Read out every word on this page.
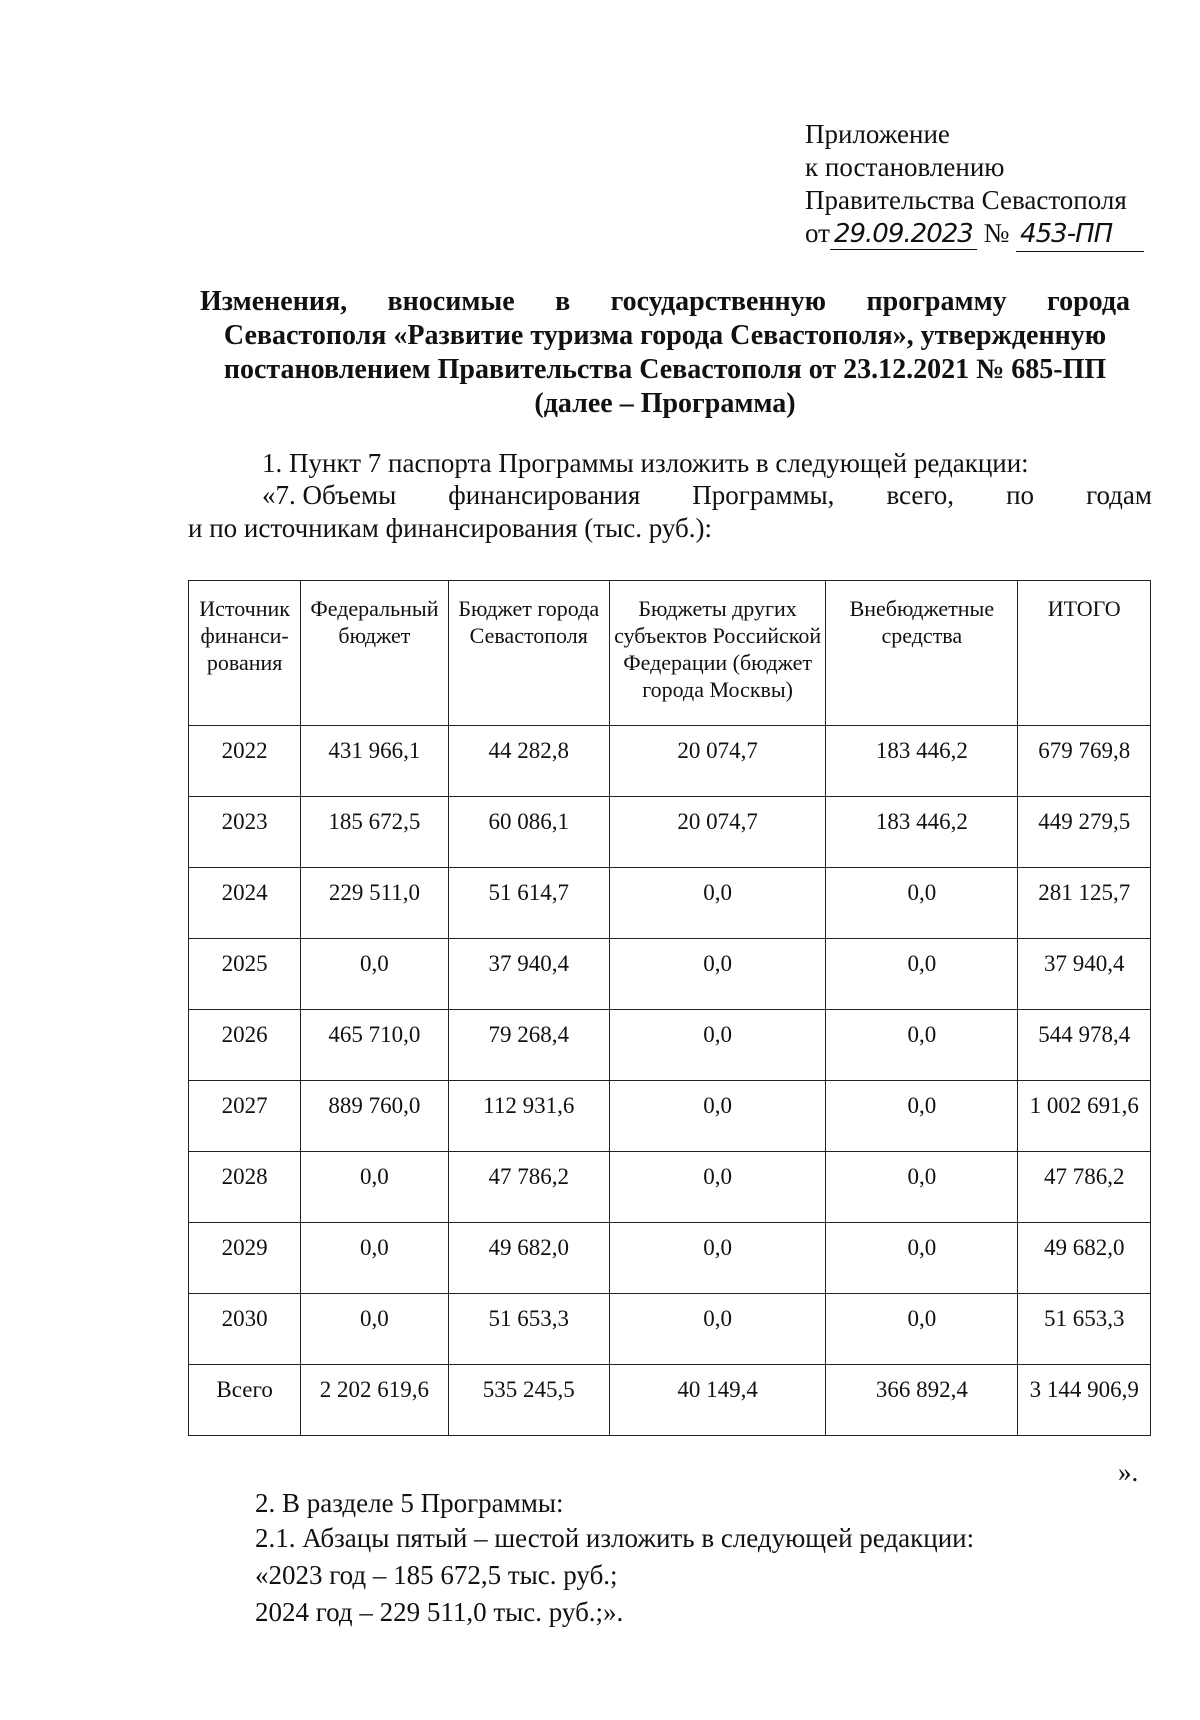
Приложение
к постановлению
Правительства Севастополя
от 29.09.2023 № 453-ПП
Изменения, вносимые в государственную программу города
Севастополя «Развитие туризма города Севастополя», утвержденную
постановлением Правительства Севастополя от 23.12.2021 № 685-ПП
(далее – Программа)
1. Пункт 7 паспорта Программы изложить в следующей редакции:
«7. Объемы финансирования Программы, всего, по годам
и по источникам финансирования (тыс. руб.):
Источник финанси-рования	Федеральный бюджет	Бюджет города Севастополя	Бюджеты других субъектов Российской Федерации (бюджет города Москвы)	Внебюджетные средства	ИТОГО
2022	431 966,1	44 282,8	20 074,7	183 446,2	679 769,8
2023	185 672,5	60 086,1	20 074,7	183 446,2	449 279,5
2024	229 511,0	51 614,7	0,0	0,0	281 125,7
2025	0,0	37 940,4	0,0	0,0	37 940,4
2026	465 710,0	79 268,4	0,0	0,0	544 978,4
2027	889 760,0	112 931,6	0,0	0,0	1 002 691,6
2028	0,0	47 786,2	0,0	0,0	47 786,2
2029	0,0	49 682,0	0,0	0,0	49 682,0
2030	0,0	51 653,3	0,0	0,0	51 653,3
Всего	2 202 619,6	535 245,5	40 149,4	366 892,4	3 144 906,9
».
2. В разделе 5 Программы:
2.1. Абзацы пятый – шестой изложить в следующей редакции:
«2023 год – 185 672,5 тыс. руб.;
2024 год – 229 511,0 тыс. руб.;».
